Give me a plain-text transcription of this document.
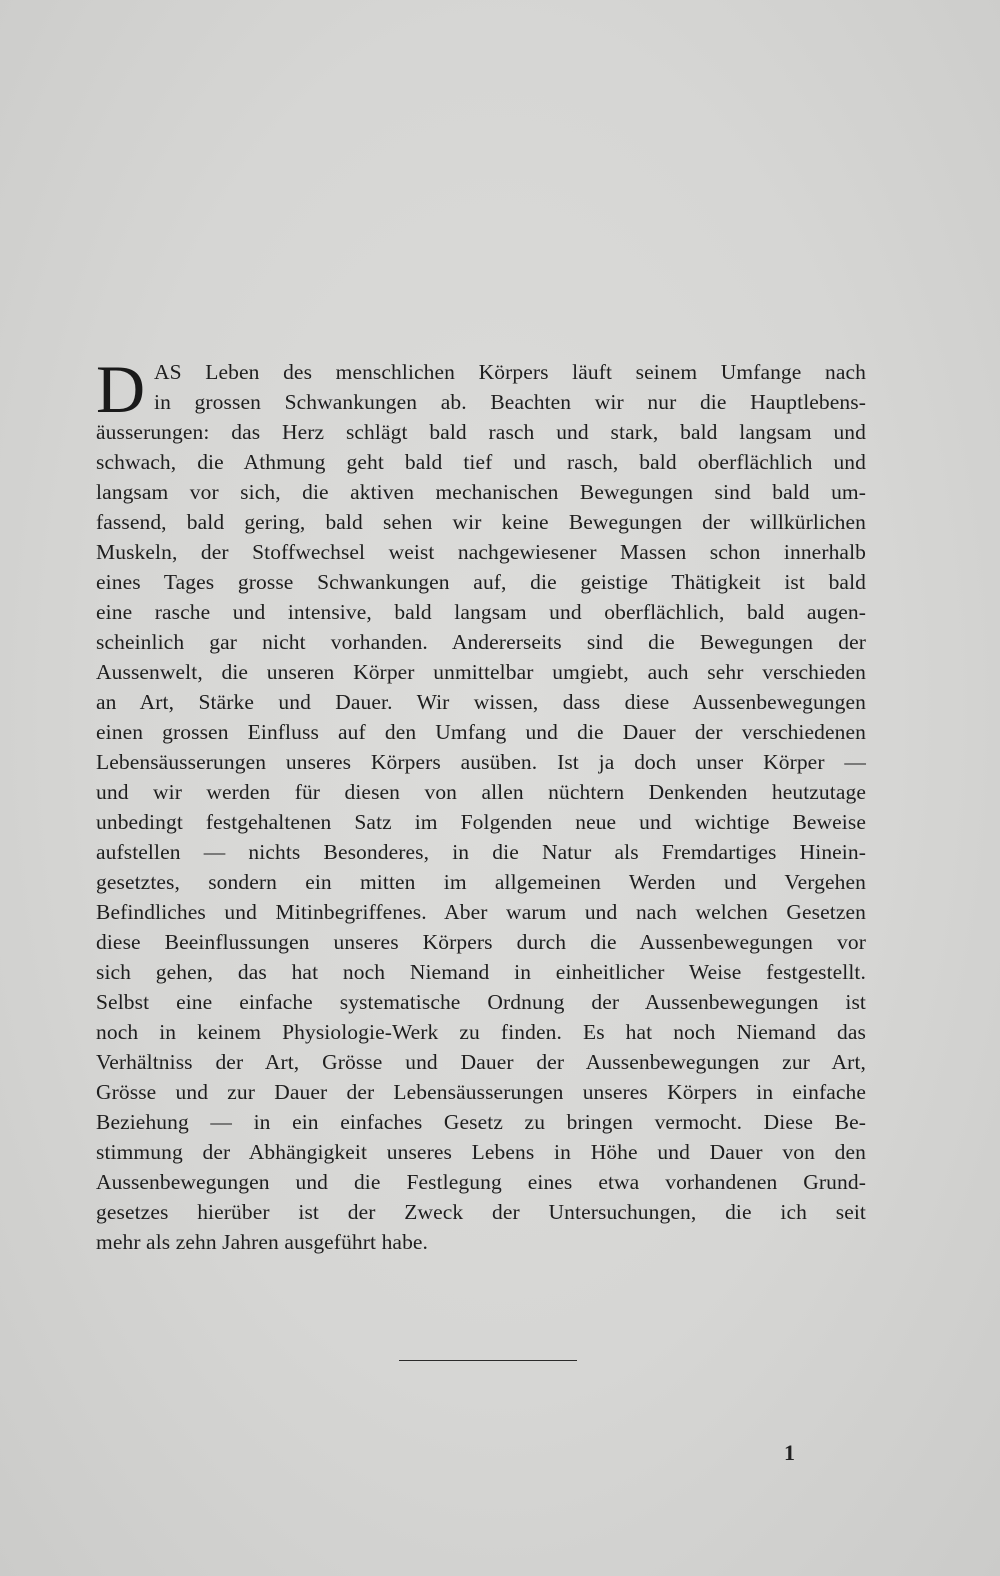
D AS Leben des menschlichen Körpers läuft seinem Umfange nach
in grossen Schwankungen ab. Beachten wir nur die Hauptlebens-
äusserungen: das Herz schlägt bald rasch und stark, bald langsam und
schwach, die Athmung geht bald tief und rasch, bald oberflächlich und
langsam vor sich, die aktiven mechanischen Bewegungen sind bald um-
fassend, bald gering, bald sehen wir keine Bewegungen der willkürlichen
Muskeln, der Stoffwechsel weist nachgewiesener Massen schon innerhalb
eines Tages grosse Schwankungen auf, die geistige Thätigkeit ist bald
eine rasche und intensive, bald langsam und oberflächlich, bald augen-
scheinlich gar nicht vorhanden. Andererseits sind die Bewegungen der
Aussenwelt, die unseren Körper unmittelbar umgiebt, auch sehr verschieden
an Art, Stärke und Dauer. Wir wissen, dass diese Aussenbewegungen
einen grossen Einfluss auf den Umfang und die Dauer der verschiedenen
Lebensäusserungen unseres Körpers ausüben. Ist ja doch unser Körper —
und wir werden für diesen von allen nüchtern Denkenden heutzutage
unbedingt festgehaltenen Satz im Folgenden neue und wichtige Beweise
aufstellen — nichts Besonderes, in die Natur als Fremdartiges Hinein-
gesetztes, sondern ein mitten im allgemeinen Werden und Vergehen
Befindliches und Mitinbegriffenes. Aber warum und nach welchen Gesetzen
diese Beeinflussungen unseres Körpers durch die Aussenbewegungen vor
sich gehen, das hat noch Niemand in einheitlicher Weise festgestellt.
Selbst eine einfache systematische Ordnung der Aussenbewegungen ist
noch in keinem Physiologie-Werk zu finden. Es hat noch Niemand das
Verhältniss der Art, Grösse und Dauer der Aussenbewegungen zur Art,
Grösse und zur Dauer der Lebensäusserungen unseres Körpers in einfache
Beziehung — in ein einfaches Gesetz zu bringen vermocht. Diese Be-
stimmung der Abhängigkeit unseres Lebens in Höhe und Dauer von den
Aussenbewegungen und die Festlegung eines etwa vorhandenen Grund-
gesetzes hierüber ist der Zweck der Untersuchungen, die ich seit
mehr als zehn Jahren ausgeführt habe.
1
